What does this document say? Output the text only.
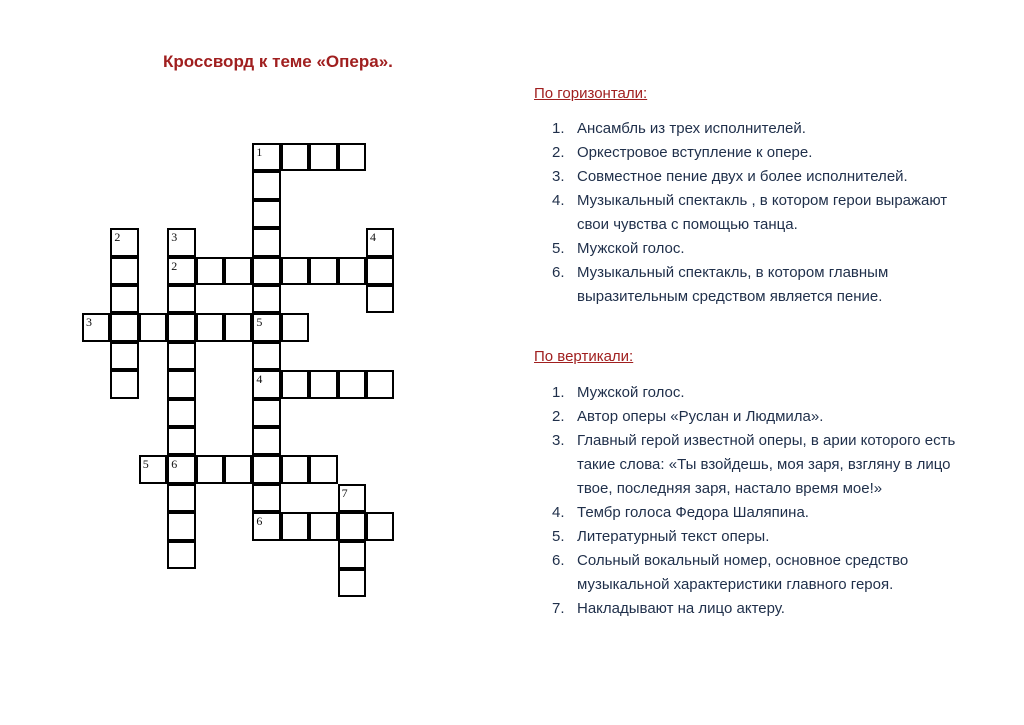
Кроссворд к теме «Опера».
1
5
4
2	3
2
4
3
6
5 6
7
По горизонтали:
1. Ансамбль из трех исполнителей.
2. Оркестровое вступление к опере.
3. Совместное пение двух и более исполнителей.
4. Музыкальный спектакль , в котором герои выражают свои чувства с помощью танца.
5. Мужской голос.
6. Музыкальный спектакль, в котором главным выразительным средством является пение.
По вертикали:
1. Мужской голос.
2. Автор оперы «Руслан и Людмила».
3. Главный герой известной оперы, в арии которого есть такие слова: «Ты взойдешь, моя заря, взгляну в лицо твое, последняя заря, настало время мое!»
4. Тембр голоса Федора Шаляпина.
5. Литературный текст оперы.
6. Сольный вокальный номер, основное средство музыкальной характеристики главного героя.
7. Накладывают на лицо актеру.
